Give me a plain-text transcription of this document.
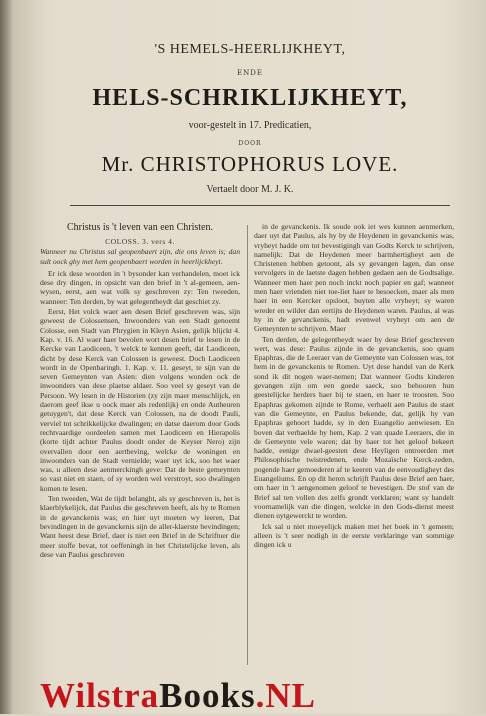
'S HEMELS-HEERLIJKHEYT,
ENDE
HELS-SCHRIKLIJKHEYT,
voor-gestelt in 17. Predicatien,
DOOR
Mr. CHRISTOPHORUS LOVE.
Vertaelt door M. J. K.
Christus is 't leven van een Christen.
COLOSS. 3. vers 4.
Wanneer nu Christus sal geopenbaert zijn, die ons leven is; dan sult oock ghy met hem geopenbaert worden in heerlijckheyt.

Er ick dese woorden in 't bysonder kan verhandelen, moet ick dese dry dingen, in opsicht van den brief in 't al-gemeen, aen-wysen, eerst, aen wat volk sy geschreven zy: Ten tweeden, wanneer: Ten derden, by wat gelegentheydt dat geschiet zy.

Eerst, Het volck waer aen desen Brief geschreven was, sijn geweest de Colossensen, Inwoonders van een Stadt genoemt Colosse, een Stadt van Phrygien in Kleyn Asien, gelijk blijckt 4. Kap. v. 16. Al waer haer bevolen wort desen brief te lesen in de Kercke van Laodiceen, 't welck te kennen geeft, dat Laodiceen, dicht by dese Kerck van Colossen is geweest. Doch Laodiceen wordt in de Openbaringh. 1. Kap. v. 11. geseyt, te sijn van de seven Gemeynten van Asien: dien volgens wonden ock de inwoonders van dese plaetse aldaer. Soo veel sy geseyt van de Persoon. Wy lesen in de Historien (zy zijn maer menschlijck, en daerom geef ikse u oock maer als redenlijk) en onde Autheuren getuygen't, dat dese Kerck van Colossen, na de doodt Pauli, verviel tot schrikkelijcke dwalingen; en datse daerom door Gods rechtvaardige oordeelen samen met Laodiceen en Hierapolis (korte tijdt achter Paulus doodt onder de Keyser Nero) zijn overvallen door een aertbeving, welcke de woningen en inwoonders van de Stadt vernielde; waer uyt ick, soo het waer was, u alleen dese aenmerckingh geve: Dat de beste gemeynten so vast niet en staen, of sy worden wel verstroyt, soo dwalingen komen te lesen.

Ten tweeden, Wat de tijdt belanght, als sy geschreven is, het is klaerblykelijck, dat Paulus die geschreven heeft, als hy te Romen in de gevanckenis was; en hier uyt moeten wy leeren, Dat bevindingen in de gevanckenis sijn de aller-klaerste bevindingen; Want heest dese Brief, daer is niet een Brief in de Schriftuer die meer stoffe bevat, tot oeffeningh in het Christelijcke leven, als dese van Paulus geschreven

in de gevanckenis. Ik soude ook iet wes kunnen aenmerken, daer uyt dat Paulus, als hy by de Heydenen in gevanckenis was, vryheyt hadde om tot bevestigingh van Godts Kerck te schrijven, namelijk: Dat de Heydenen meer barmhertigheyt aen de Christenen hebben getoont, als sy gevangen lagen, dan onse vervolgers in de laetste dagen hebben gedaen aen de Godtsalige. Wanneer men haer pen noch inckt noch papier en gaf; wanneer men haer vrienden niet toe-liet haer te besoecken, maer als men haer in een Kercker opsloot, buyten alle vryheyt; sy waren wreder en wilder dan eertijts de Heydenen waren. Paulus, al was hy in de gevanckenis, hadt evenwel vryheyt om aen de Gemeynten te schrijven. Maer

Ten derden, de gelegentheydt waer by dese Brief geschreven wert, was dese: Paulus zijnde in de gevanckenis, soo quam Epaphras, die de Leeraer van de Gemeynte van Colossen was, tot hem in de gevanckenis te Romen. Uyt dese handel van de Kerk sond ik dit nogen waer-nemen; Dat wanneer Godts kinderen gevangen zijn om een goede saeck, soo behooren hun geestelijcke herders haer bij te staen, en haer te troosten. Soo Epaphras gekomen zijnde te Rome, verhaelt aen Paulus de staet van die Gemeynte, en Paulus bekende, dat, gelijk hy van Epaphras gehoort hadde, sy in den Euangelio aenwiesen. En boven dat verhaelde hy hem, Kap. 2 van quade Leeraers, die in de Gemeynte vele waren; dat hy haer tot het geloof bekeert hadde, eenige dwael-geesten dese Heyligen ontroerden met Philosophische twistredenen, ende Mozaïsche Kerck-zeden, pogende haer gemoederen af te keeren van de eenvoudigheyt des Euangeliums. En op dit heren schrijft Paulus dese Brief aen haer, om haer in 't aengenomen geloof te bevestigen. De stof van de Brief sal ten vollen des zelfs grondt verklaren; want sy handelt voornamelijk van die dingen, welcke in den Gods-dienst meest dienen uytgewerckt te worden.

Ick sal u niet moeyelijck maken met het boek in 't gemeen; alleen is 't seer nodigh in de eerste verklaringe van sommige dingen ick u

WilstraBooks.NL
